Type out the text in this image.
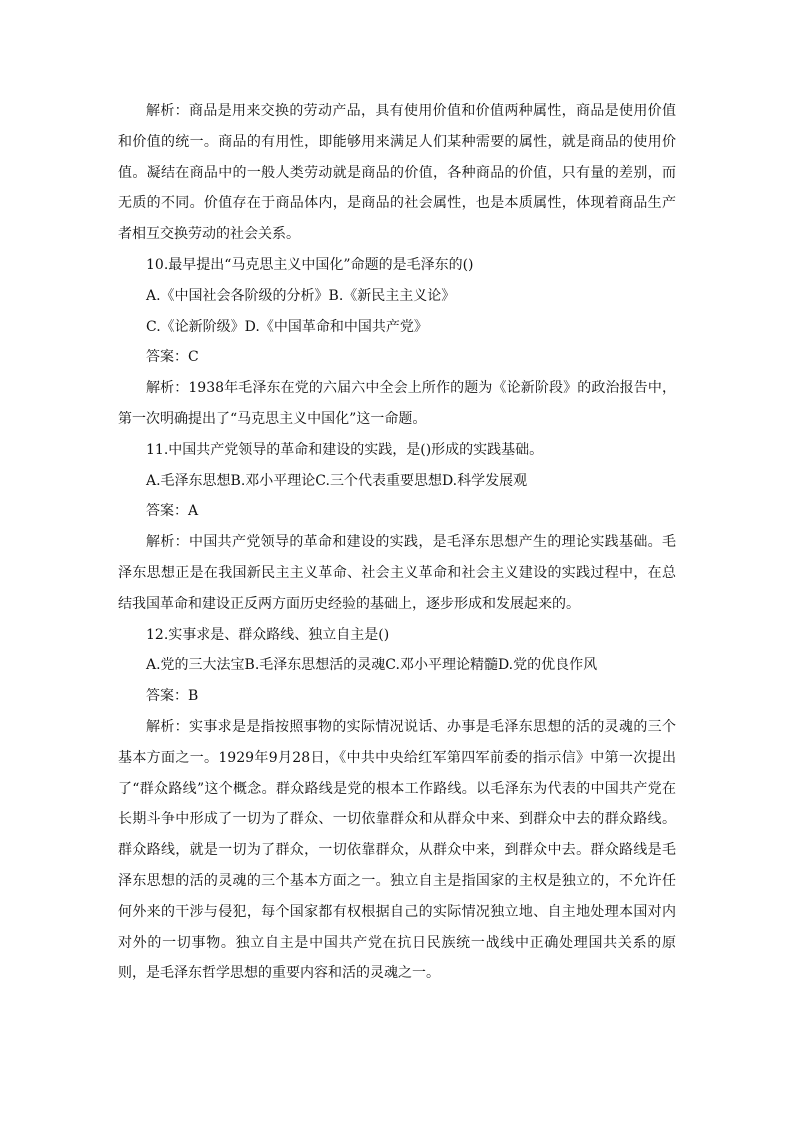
解析：商品是用来交换的劳动产品，具有使用价值和价值两种属性，商品是使用价值和价值的统一。商品的有用性，即能够用来满足人们某种需要的属性，就是商品的使用价值。凝结在商品中的一般人类劳动就是商品的价值，各种商品的价值，只有量的差别，而无质的不同。价值存在于商品体内，是商品的社会属性，也是本质属性，体现着商品生产者相互交换劳动的社会关系。

10.最早提出“马克思主义中国化”命题的是毛泽东的()

A.《中国社会各阶级的分析》B.《新民主主义论》

C.《论新阶级》D.《中国革命和中国共产党》

答案：C

解析：1938年毛泽东在党的六届六中全会上所作的题为《论新阶段》的政治报告中，第一次明确提出了“马克思主义中国化”这一命题。

11.中国共产党领导的革命和建设的实践，是()形成的实践基础。

A.毛泽东思想B.邓小平理论C.三个代表重要思想D.科学发展观

答案：A

解析：中国共产党领导的革命和建设的实践，是毛泽东思想产生的理论实践基础。毛泽东思想正是在我国新民主主义革命、社会主义革命和社会主义建设的实践过程中，在总结我国革命和建设正反两方面历史经验的基础上，逐步形成和发展起来的。

12.实事求是、群众路线、独立自主是()

A.党的三大法宝B.毛泽东思想活的灵魂C.邓小平理论精髓D.党的优良作风

答案：B

解析：实事求是是指按照事物的实际情况说话、办事是毛泽东思想的活的灵魂的三个基本方面之一。1929年9月28日，《中共中央给红军第四军前委的指示信》中第一次提出了“群众路线”这个概念。群众路线是党的根本工作路线。以毛泽东为代表的中国共产党在长期斗争中形成了一切为了群众、一切依靠群众和从群众中来、到群众中去的群众路线。群众路线，就是一切为了群众，一切依靠群众，从群众中来，到群众中去。群众路线是毛泽东思想的活的灵魂的三个基本方面之一。独立自主是指国家的主权是独立的，不允许任何外来的干涉与侵犯，每个国家都有权根据自己的实际情况独立地、自主地处理本国对内对外的一切事物。独立自主是中国共产党在抗日民族统一战线中正确处理国共关系的原则，是毛泽东哲学思想的重要内容和活的灵魂之一。
